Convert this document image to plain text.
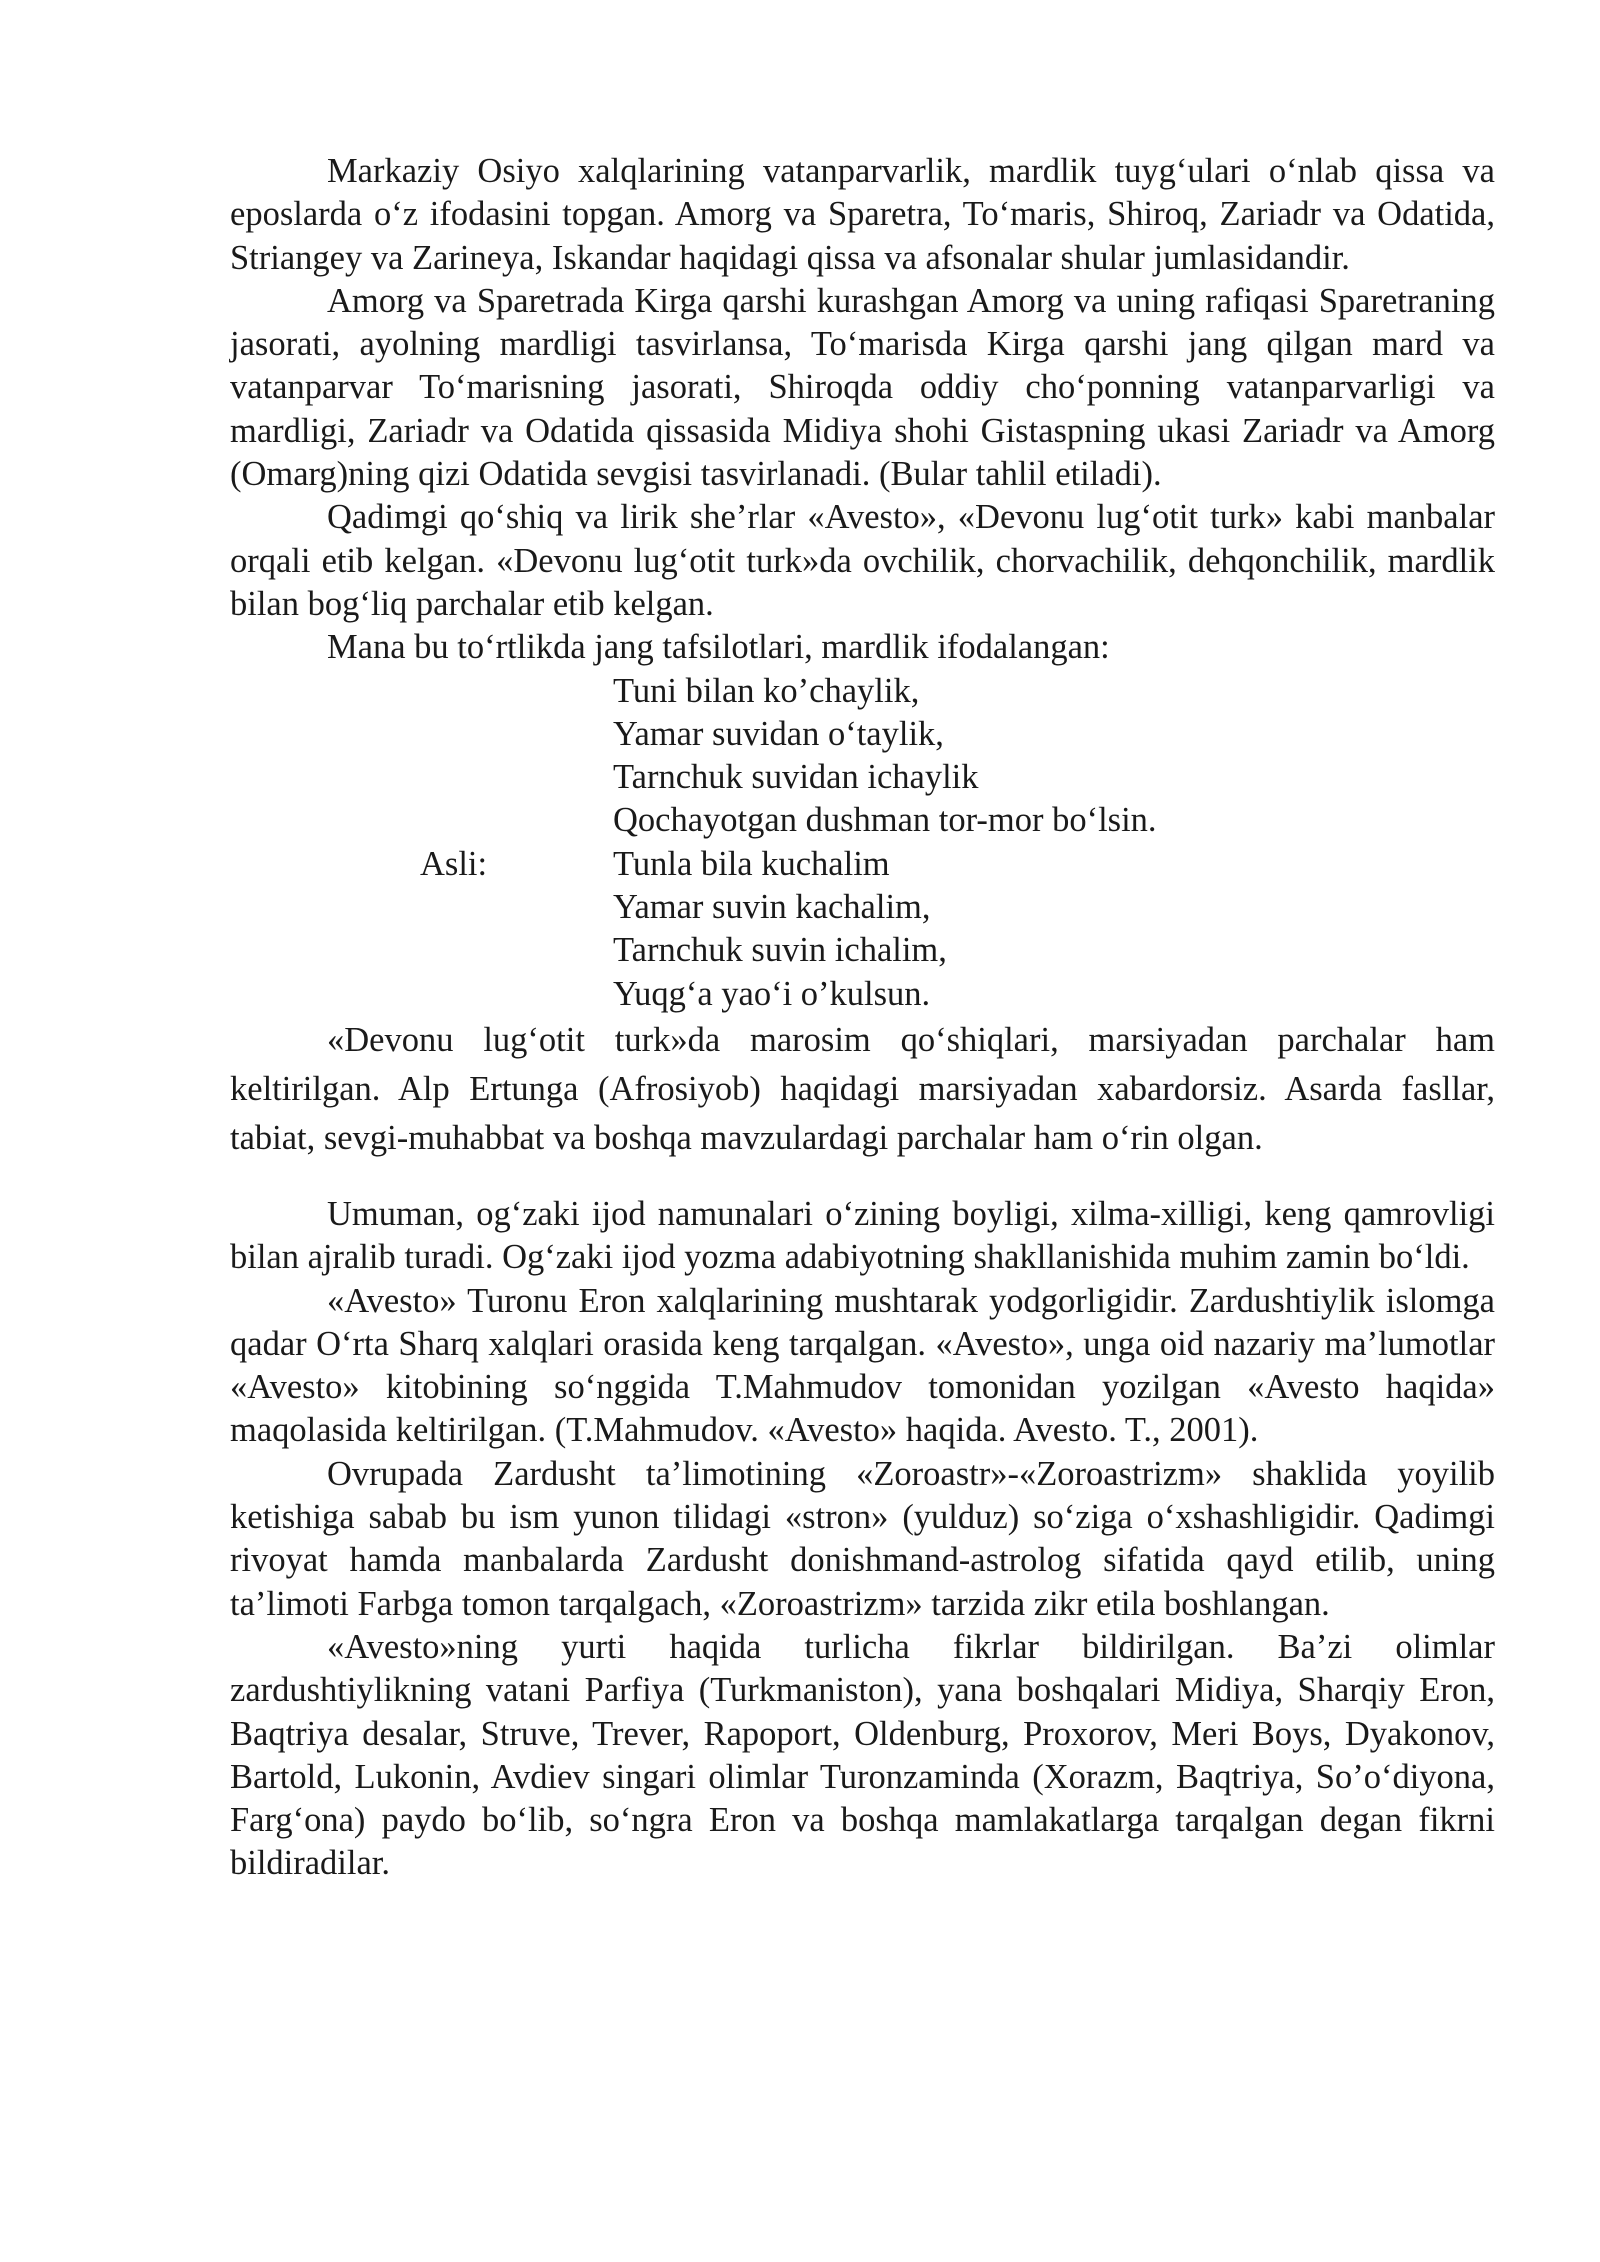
Markaziy Osiyo xalqlarining vatanparvarlik, mardlik tuyg‘ulari o‘nlab qissa va eposlarda o‘z ifodasini topgan. Amorg va Sparetra, To‘maris, Shiroq, Zariadr va Odatida, Striangey va Zarineya, Iskandar haqidagi qissa va afsonalar shular jumlasidandir.

Amorg va Sparetrada Kirga qarshi kurashgan Amorg va uning rafiqasi Sparetraning jasorati, ayolning mardligi tasvirlansa, To‘marisda Kirga qarshi jang qilgan mard va vatanparvar To‘marisning jasorati, Shiroqda oddiy cho‘ponning vatanparvarligi va mardligi, Zariadr va Odatida qissasida Midiya shohi Gistaspning ukasi Zariadr va Amorg (Omarg)ning qizi Odatida sevgisi tasvirlanadi. (Bular tahlil etiladi).

Qadimgi qo‘shiq va lirik she’rlar «Avesto», «Devonu lug‘otit turk» kabi manbalar orqali etib kelgan. «Devonu lug‘otit turk»da ovchilik, chorvachilik, dehqonchilik, mardlik bilan bog‘liq parchalar etib kelgan.

Mana bu to‘rtlikda jang tafsilotlari, mardlik ifodalangan:

Tuni bilan ko’chaylik,
Yamar suvidan o‘taylik,
Tarnchuk suvidan ichaylik
Qochayotgan dushman tor-mor bo‘lsin.
Asli:	Tunla bila kuchalim
Yamar suvin kachalim,
Tarnchuk suvin ichalim,
Yuqg‘a yao‘i o’kulsun.

«Devonu lug‘otit turk»da marosim qo‘shiqlari, marsiyadan parchalar ham keltirilgan. Alp Ertunga (Afrosiyob) haqidagi marsiyadan xabardorsiz. Asarda fasllar, tabiat, sevgi-muhabbat va boshqa mavzulardagi parchalar ham o‘rin olgan.

Umuman, og‘zaki ijod namunalari o‘zining boyligi, xilma-xilligi, keng qamrovligi bilan ajralib turadi. Og‘zaki ijod yozma adabiyotning shakllanishida muhim zamin bo‘ldi.

«Avesto» Turonu Eron xalqlarining mushtarak yodgorligidir. Zardushtiylik islomga qadar O‘rta Sharq xalqlari orasida keng tarqalgan. «Avesto», unga oid nazariy ma’lumotlar «Avesto» kitobining so‘nggida T.Mahmudov tomonidan yozilgan «Avesto haqida» maqolasida keltirilgan. (T.Mahmudov. «Avesto» haqida. Avesto. T., 2001).

Ovrupada Zardusht ta’limotining «Zoroastr»-«Zoroastrizm» shaklida yoyilib ketishiga sabab bu ism yunon tilidagi «stron» (yulduz) so‘ziga o‘xshashligidir. Qadimgi rivoyat hamda manbalarda Zardusht donishmand-astrolog sifatida qayd etilib, uning ta’limoti Farbga tomon tarqalgach, «Zoroastrizm» tarzida zikr etila boshlangan.

«Avesto»ning yurti haqida turlicha fikrlar bildirilgan. Ba’zi olimlar zardushtiylikning vatani Parfiya (Turkmaniston), yana boshqalari Midiya, Sharqiy Eron, Baqtriya desalar, Struve, Trever, Rapoport, Oldenburg, Proxorov, Meri Boys, Dyakonov, Bartold, Lukonin, Avdiev singari olimlar Turonzaminda (Xorazm, Baqtriya, So’o‘diyona, Farg‘ona) paydo bo‘lib, so‘ngra Eron va boshqa mamlakatlarga tarqalgan degan fikrni bildiradilar.
